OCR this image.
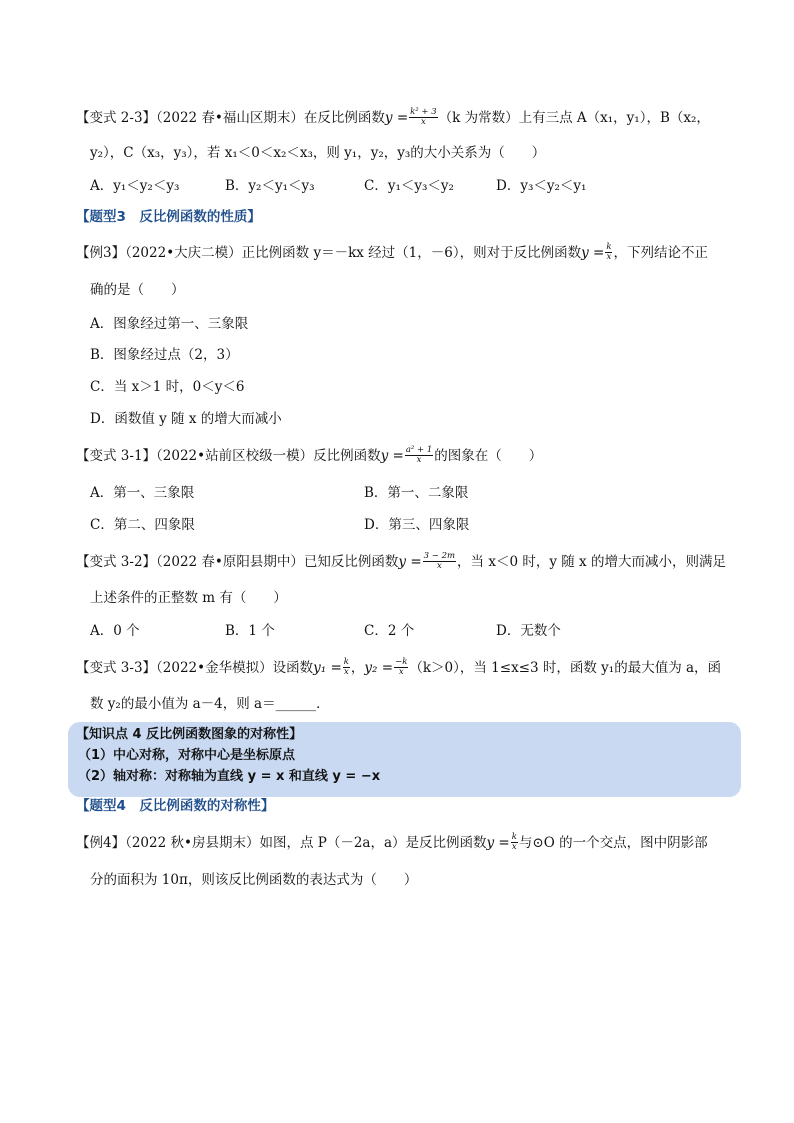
【变式 2-3】（2022 春•福山区期末）在反比例函数$y = \frac{\text{k² + 3}}{x} (k$ 为常数）上有三点 A（x₁，y₁），B（x₂，
y₂），C（x₃，y₃），若 x₁＜0＜x₂＜x₃，则 y₁，y₂，y₃的大小关系为（　　）
A．y₁＜y₂＜y₃	B．y₂＜y₁＜y₃	C．y₁＜y₃＜y₂	D．y₃＜y₂＜y₁
【题型3　反比例函数的性质】
【例3】（2022•大庆二模）正比例函数 y＝－kx 经过（1，－6），则对于反比例函数$y = \frac{k}{x}$ ，下列结论不正
确的是（　　）
A．图象经过第一、三象限
B．图象经过点（2，3）
C．当 x＞1 时，0＜y＜6
D．函数值 y 随 x 的增大而减小
【变式 3-1】（2022•站前区校级一模）反比例函数$y = \frac{\text{a² + 1}}{x}$ 的图象在（　　）
A．第一、三象限	B．第一、二象限
C．第二、四象限	D．第三、四象限
【变式 3-2】（2022 春•原阳县期中）已知反比例函数$y = \frac{3 - 2m}{x}$ ，当 x＜0 时，y 随 x 的增大而减小，则满足
上述条件的正整数 m 有（　　）
A．0 个	B．1 个	C．2 个	D．无数个
【变式 3-3】（2022•金华模拟）设函数$y_1 = \frac{k}{x}$ ，$y_2 = \frac{-k}{x} (k>0)$，当 1≤x≤3 时，函数 y₁的最大值为 a，函
数 y₂的最小值为 a－4，则 a＝______．
【知识点 4 反比例函数图象的对称性】
（1）中心对称，对称中心是坐标原点
（2）轴对称：对称轴为直线 y = x 和直线 y = −x
【题型4　反比例函数的对称性】
【例4】（2022 秋•房县期末）如图，点 P（－2a，a）是反比例函数$y = \frac{k}{x}$ 与⊙O 的一个交点，图中阴影部
分的面积为 10π，则该反比例函数的表达式为（　　）
